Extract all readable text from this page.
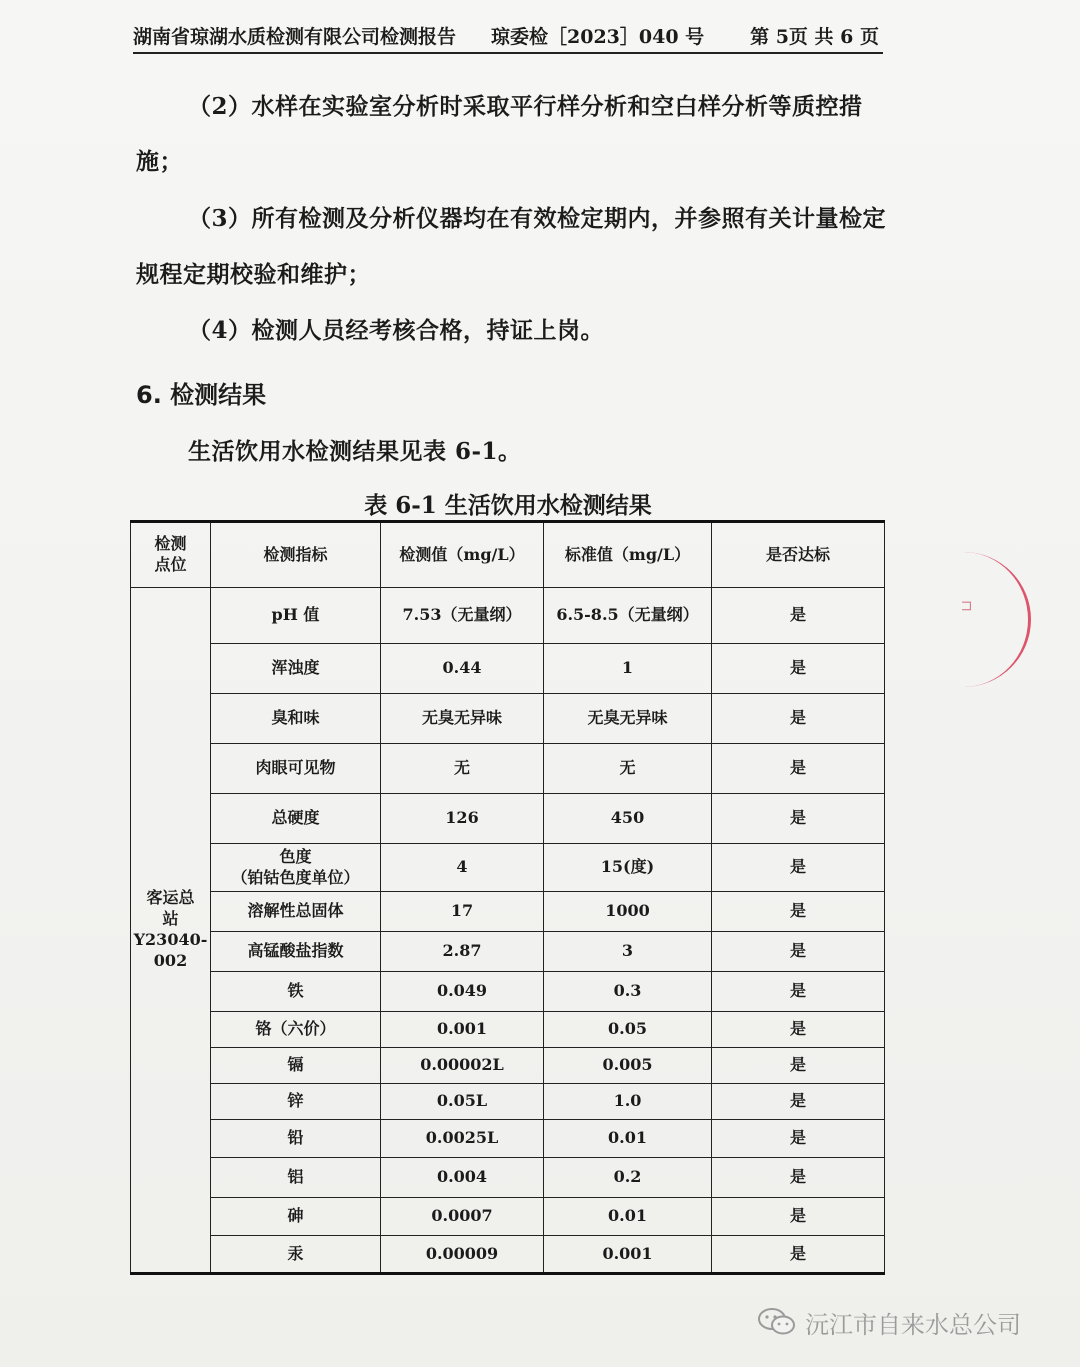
湖南省琼湖水质检测有限公司检测报告 琼委检［2023］040 号 第 5页 共 6 页
（2）水样在实验室分析时采取平行样分析和空白样分析等质控措
施；
（3）所有检测及分析仪器均在有效检定期内，并参照有关计量检定
规程定期校验和维护；
（4）检测人员经考核合格，持证上岗。
6. 检测结果
生活饮用水检测结果见表 6-1。
表 6-1 生活饮用水检测结果
检测
点位	检测指标	检测值（mg/L）	标准值（mg/L）	是否达标

客运总
站
Y23040-
002	pH 值	7.53（无量纲）	6.5-8.5（无量纲）	是

	浑浊度	0.44	1	是

	臭和味	无臭无异味	无臭无异味	是

	肉眼可见物	无	无	是

	总硬度	126	450	是

	色度
（铂钴色度单位）	4	15(度)	是

	溶解性总固体	17	1000	是

	高锰酸盐指数	2.87	3	是

	铁	0.049	0.3	是

	铬（六价）	0.001	0.05	是

	镉	0.00002L	0.005	是

	锌	0.05L	1.0	是

	铅	0.0025L	0.01	是

	铝	0.004	0.2	是

	砷	0.0007	0.01	是

	汞	0.00009	0.001	是
⊓
沅江市自来水总公司
